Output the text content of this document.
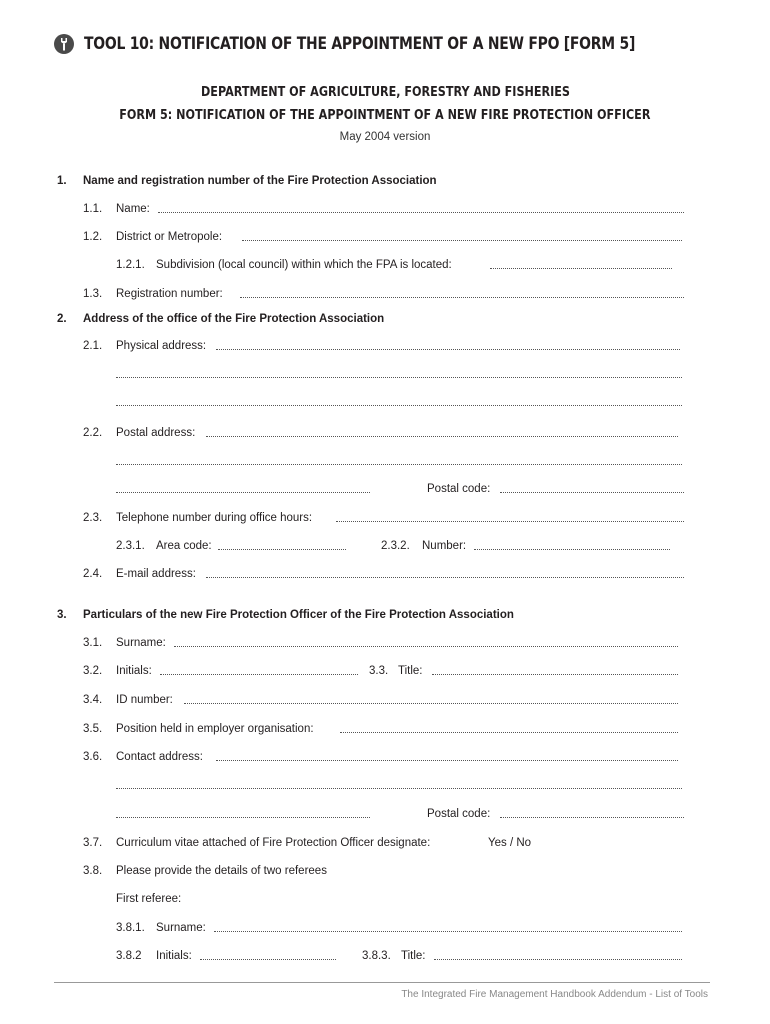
TOOL 10: NOTIFICATION OF THE APPOINTMENT OF A NEW FPO [FORM 5]
DEPARTMENT OF AGRICULTURE, FORESTRY AND FISHERIES
FORM 5: NOTIFICATION OF THE APPOINTMENT OF A NEW FIRE PROTECTION OFFICER
May 2004 version
1. Name and registration number of the Fire Protection Association
1.1. Name:
1.2. District or Metropole:
1.2.1. Subdivision (local council) within which the FPA is located:
1.3. Registration number:
2. Address of the office of the Fire Protection Association
2.1. Physical address:
2.2. Postal address:
Postal code:
2.3. Telephone number during office hours:
2.3.1. Area code:	2.3.2. Number:
2.4. E-mail address:
3. Particulars of the new Fire Protection Officer of the Fire Protection Association
3.1. Surname:
3.2. Initials:	3.3. Title:
3.4. ID number:
3.5. Position held in employer organisation:
3.6. Contact address:
Postal code:
3.7. Curriculum vitae attached of Fire Protection Officer designate:	Yes / No
3.8. Please provide the details of two referees
First referee:
3.8.1. Surname:
3.8.2 Initials:	3.8.3. Title:
The Integrated Fire Management Handbook Addendum - List of Tools
